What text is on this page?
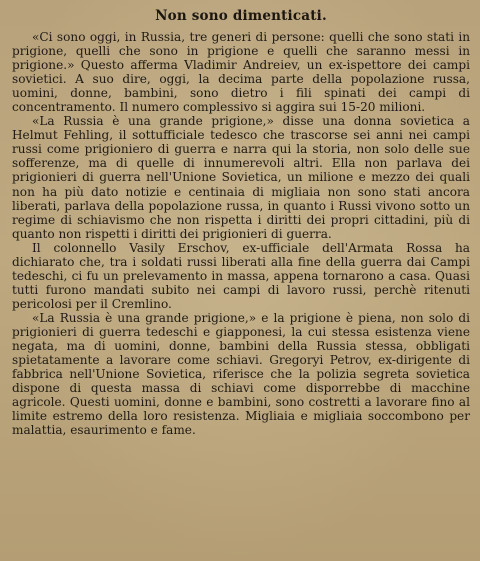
Non sono dimenticati.

«Ci sono oggi, in Russia, tre generi di persone: quelli che sono stati in prigione, quelli che sono in prigione e quelli che saranno messi in prigione.» Questo afferma Vladimir Andreiev, un ex-ispettore dei campi sovietici. A suo dire, oggi, la decima parte della popolazione russa, uomini, donne, bambini, sono dietro i fili spinati dei campi di concentramento. Il numero complessivo si aggira sui 15-20 milioni.

«La Russia è una grande prigione,» disse una donna sovietica a Helmut Fehling, il sottufficiale tedesco che trascorse sei anni nei campi russi come prigioniero di guerra e narra qui la storia, non solo delle sue sofferenze, ma di quelle di innumerevoli altri. Ella non parlava dei prigionieri di guerra nell'Unione Sovietica, un milione e mezzo dei quali non ha più dato notizie e centinaia di migliaia non sono stati ancora liberati, parlava della popolazione russa, in quanto i Russi vivono sotto un regime di schiavismo che non rispetta i diritti dei propri cittadini, più di quanto non rispetti i diritti dei prigionieri di guerra.

Il colonnello Vasily Erschov, ex-ufficiale dell'Armata Rossa ha dichiarato che, tra i soldati russi liberati alla fine della guerra dai Campi tedeschi, ci fu un prelevamento in massa, appena tornarono a casa. Quasi tutti furono mandati subito nei campi di lavoro russi, perchè ritenuti pericolosi per il Cremlino.

«La Russia è una grande prigione,» e la prigione è piena, non solo di prigionieri di guerra tedeschi e giapponesi, la cui stessa esistenza viene negata, ma di uomini, donne, bambini della Russia stessa, obbligati spietatamente a lavorare come schiavi. Gregoryi Petrov, ex-dirigente di fabbrica nell'Unione Sovietica, riferisce che la polizia segreta sovietica dispone di questa massa di schiavi come disporrebbe di macchine agricole. Questi uomini, donne e bambini, sono costretti a lavorare fino al limite estremo della loro resistenza. Migliaia e migliaia soccombono per malattia, esaurimento e fame.
